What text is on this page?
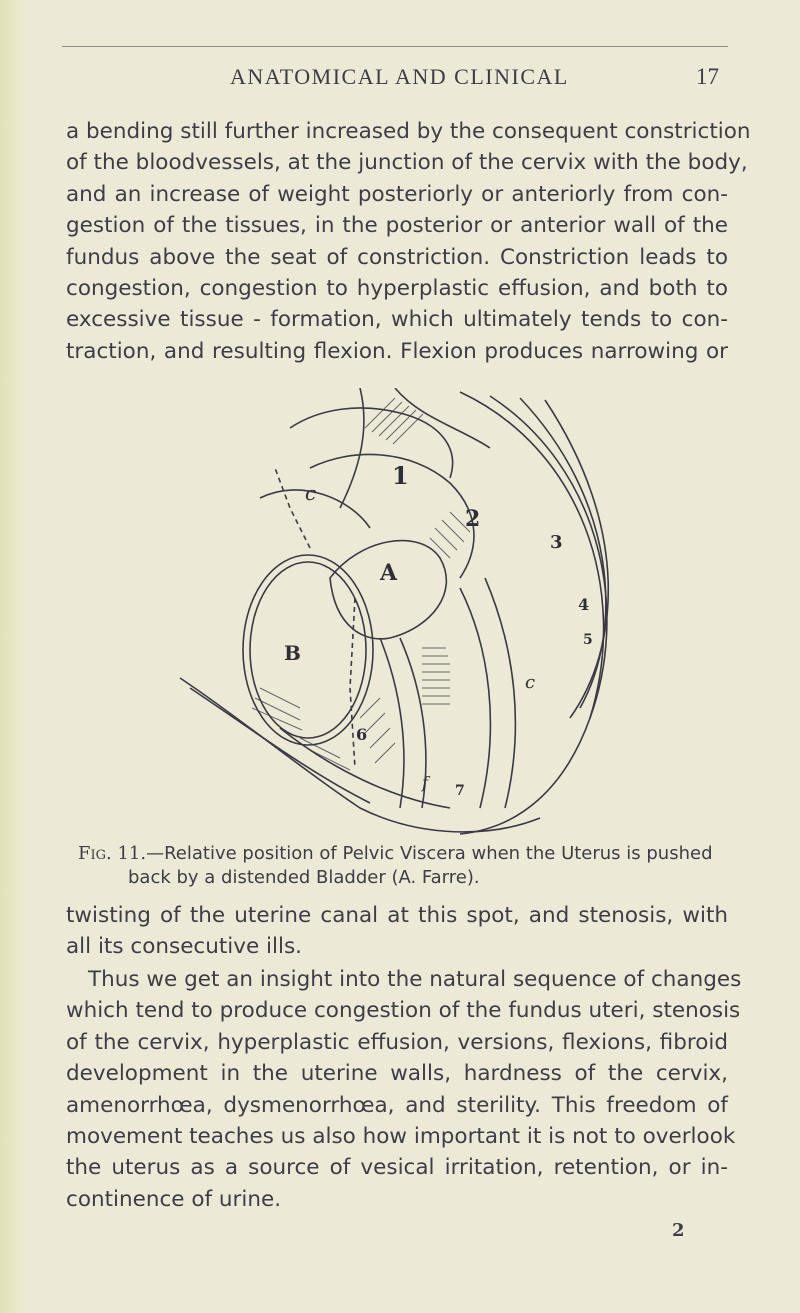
ANATOMICAL AND CLINICAL	17
a bending still further increased by the consequent constriction
of the bloodvessels, at the junction of the cervix with the body,
and an increase of weight posteriorly or anteriorly from con-
gestion of the tissues, in the posterior or anterior wall of the
fundus above the seat of constriction. Constriction leads to
congestion, congestion to hyperplastic effusion, and both to
excessive tissue - formation, which ultimately tends to con-
traction, and resulting flexion. Flexion produces narrowing or
1
2
3
4
5
6
7
A
B
c
c
f
Fig. 11.—Relative position of Pelvic Viscera when the Uterus is pushed
back by a distended Bladder (A. Farre).
twisting of the uterine canal at this spot, and stenosis, with
all its consecutive ills.
Thus we get an insight into the natural sequence of changes
which tend to produce congestion of the fundus uteri, stenosis
of the cervix, hyperplastic effusion, versions, flexions, fibroid
development in the uterine walls, hardness of the cervix,
amenorrhœa, dysmenorrhœa, and sterility. This freedom of
movement teaches us also how important it is not to overlook
the uterus as a source of vesical irritation, retention, or in-
continence of urine.
2
